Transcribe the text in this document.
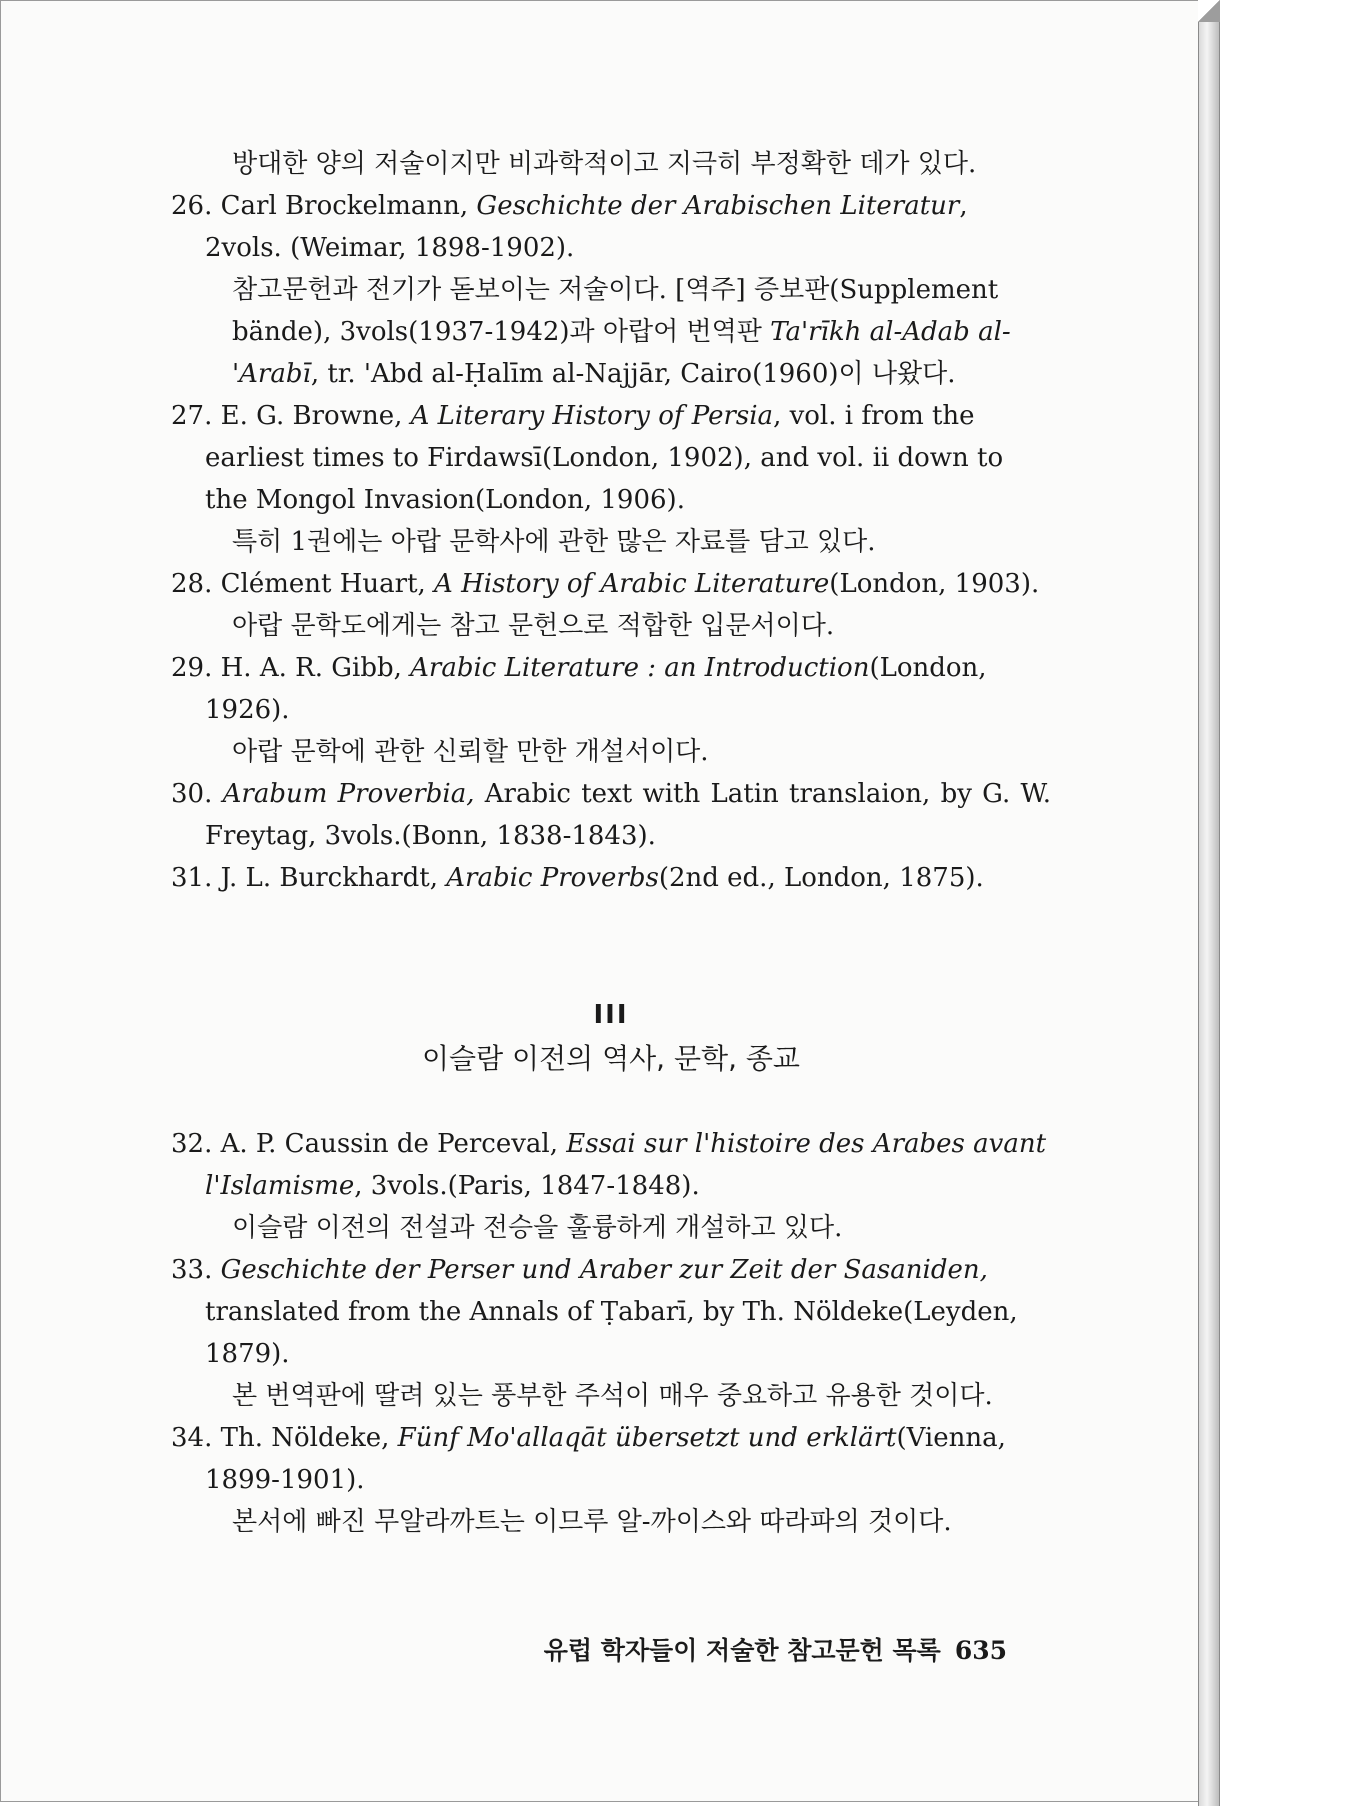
방대한 양의 저술이지만 비과학적이고 지극히 부정확한 데가 있다.

26. Carl Brockelmann, Geschichte der Arabischen Literatur, 2vols. (Weimar, 1898-1902).

참고문헌과 전기가 돋보이는 저술이다. [역주] 증보판(Supplement bände), 3vols(1937-1942)과 아랍어 번역판 Ta'rīkh al-Adab al-'Arabī, tr. 'Abd al-Ḥalīm al-Najjār, Cairo(1960)이 나왔다.

27. E. G. Browne, A Literary History of Persia, vol. i from the earliest times to Firdawsī(London, 1902), and vol. ii down to the Mongol Invasion(London, 1906).

특히 1권에는 아랍 문학사에 관한 많은 자료를 담고 있다.

28. Clément Huart, A History of Arabic Literature(London, 1903).

아랍 문학도에게는 참고 문헌으로 적합한 입문서이다.

29. H. A. R. Gibb, Arabic Literature : an Introduction(London, 1926).

아랍 문학에 관한 신뢰할 만한 개설서이다.

30. Arabum Proverbia, Arabic text with Latin translaion, by G. W. Freytag, 3vols.(Bonn, 1838-1843).

31. J. L. Burckhardt, Arabic Proverbs(2nd ed., London, 1875).

III
이슬람 이전의 역사, 문학, 종교

32. A. P. Caussin de Perceval, Essai sur l'histoire des Arabes avant l'Islamisme, 3vols.(Paris, 1847-1848).

이슬람 이전의 전설과 전승을 훌륭하게 개설하고 있다.

33. Geschichte der Perser und Araber zur Zeit der Sasaniden, translated from the Annals of Ṭabarī, by Th. Nöldeke(Leyden, 1879).

본 번역판에 딸려 있는 풍부한 주석이 매우 중요하고 유용한 것이다.

34. Th. Nöldeke, Fünf Mo'allaqāt übersetzt und erklärt(Vienna, 1899-1901).

본서에 빠진 무알라까트는 이므루 알-까이스와 따라파의 것이다.

유럽 학자들이 저술한 참고문헌 목록 635
